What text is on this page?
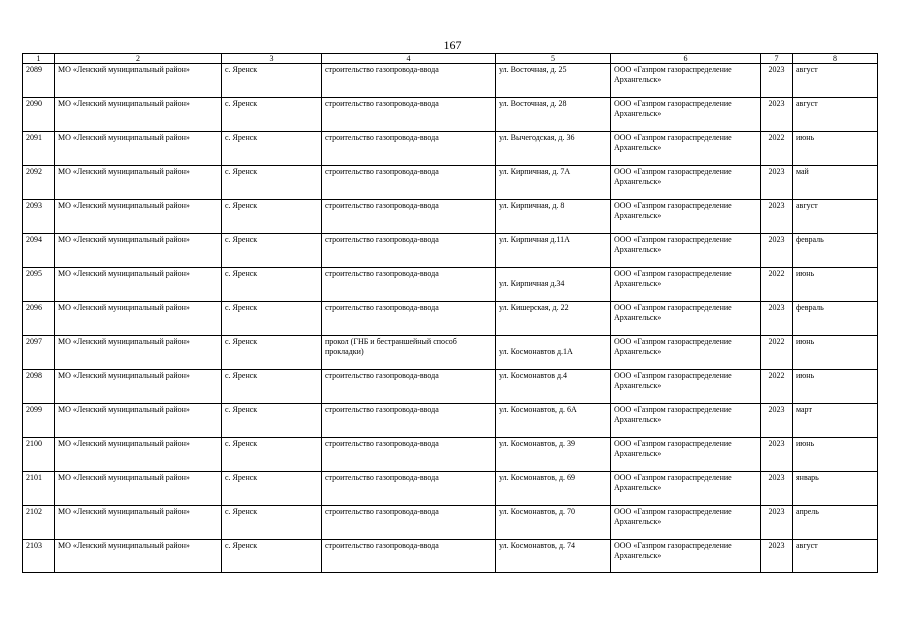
167
1	2	3	4	5	6	7	8
2089	МО «Ленский муниципальный район»	с. Яренск	строительство газопровода-ввода	ул. Восточная, д. 25	ООО «Газпром газораспределение Архангельск»	2023	август
2090	МО «Ленский муниципальный район»	с. Яренск	строительство газопровода-ввода	ул. Восточная, д. 28	ООО «Газпром газораспределение Архангельск»	2023	август
2091	МО «Ленский муниципальный район»	с. Яренск	строительство газопровода-ввода	ул. Вычегодская, д. 36	ООО «Газпром газораспределение Архангельск»	2022	июнь
2092	МО «Ленский муниципальный район»	с. Яренск	строительство газопровода-ввода	ул. Кирпичная, д. 7А	ООО «Газпром газораспределение Архангельск»	2023	май
2093	МО «Ленский муниципальный район»	с. Яренск	строительство газопровода-ввода	ул. Кирпичная, д. 8	ООО «Газпром газораспределение Архангельск»	2023	август
2094	МО «Ленский муниципальный район»	с. Яренск	строительство газопровода-ввода	ул. Кирпичная д.11А	ООО «Газпром газораспределение Архангельск»	2023	февраль
2095	МО «Ленский муниципальный район»	с. Яренск	строительство газопровода-ввода	ул. Кирпичная д.34	ООО «Газпром газораспределение Архангельск»	2022	июнь
2096	МО «Ленский муниципальный район»	с. Яренск	строительство газопровода-ввода	ул. Кишерская, д. 22	ООО «Газпром газораспределение Архангельск»	2023	февраль
2097	МО «Ленский муниципальный район»	с. Яренск	прокол (ГНБ и бестраншейный способ прокладки)	ул. Космонавтов д.1А	ООО «Газпром газораспределение Архангельск»	2022	июнь
2098	МО «Ленский муниципальный район»	с. Яренск	строительство газопровода-ввода	ул. Космонавтов д.4	ООО «Газпром газораспределение Архангельск»	2022	июнь
2099	МО «Ленский муниципальный район»	с. Яренск	строительство газопровода-ввода	ул. Космонавтов, д. 6А	ООО «Газпром газораспределение Архангельск»	2023	март
2100	МО «Ленский муниципальный район»	с. Яренск	строительство газопровода-ввода	ул. Космонавтов, д. 39	ООО «Газпром газораспределение Архангельск»	2023	июнь
2101	МО «Ленский муниципальный район»	с. Яренск	строительство газопровода-ввода	ул. Космонавтов, д. 69	ООО «Газпром газораспределение Архангельск»	2023	январь
2102	МО «Ленский муниципальный район»	с. Яренск	строительство газопровода-ввода	ул. Космонавтов, д. 70	ООО «Газпром газораспределение Архангельск»	2023	апрель
2103	МО «Ленский муниципальный район»	с. Яренск	строительство газопровода-ввода	ул. Космонавтов, д. 74	ООО «Газпром газораспределение Архангельск»	2023	август
